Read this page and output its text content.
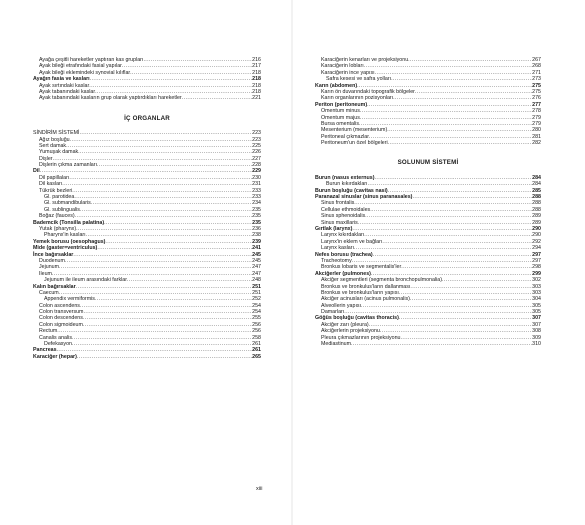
Ayağa çeşitli hareketler yaptıran kas grupları .....	216
Ayak bileği etrafındaki fasial yapılar .....	217
Ayak bileği eklemindeki synovial kılıflar .....	218
Ayağın fasia ve kasları .....	218
Ayak sırtındaki kaslar .....	218
Ayak tabanındaki kaslar .....	218
Ayak tabanındaki kasların grup olarak yaptırdıkları hareketler .....	221
İÇ ORGANLAR
SİNDİRİM SİSTEMİ .....	223
Ağız boşluğu .....	223
Sert damak .....	225
Yumuşak damak .....	226
Dişler .....	227
Dişlerin çıkma zamanları .....	228
Dil .....	229
Dil papillaları .....	230
Dil kasları .....	231
Tükrük bezleri .....	233
Gl. parotidea .....	233
Gl. submandibularis .....	234
Gl. sublingualis .....	235
Boğaz (fauces) .....	235
Bademcik (Tonsilla palatina) .....	235
Yutak (pharynx) .....	236
Pharynx'in kasları .....	238
Yemek borusu (oesophagus) .....	239
Mide (gaster=ventriculus) .....	241
İnce bağırsaklar .....	245
Duodenum .....	245
Jejunum .....	247
Ileum .....	247
Jejunum ile ileum arasındaki farklar .....	248
Kalın bağırsaklar .....	251
Caecum .....	251
Appendix vermiformis .....	252
Colon ascendens .....	254
Colon transversum .....	254
Colon descendens .....	255
Colon sigmoideum .....	256
Rectum .....	256
Canalis analis .....	258
Defekasyon .....	261
Pancreas .....	261
Karaciğer (hepar) .....	265
xiii
Karaciğerin kenarları ve projeksiyonu .....	267
Karaciğerin lobları .....	268
Karaciğerin ince yapısı .....	271
Safra kesesi ve safra yolları .....	273
Karın (abdomen) .....	275
Karın ön duvarındaki topografik bölgeler .....	275
Karın organlarının pozisyonları .....	276
Periton (peritoneum) .....	277
Omentum minus .....	278
Omentum majus .....	279
Bursa omentalis .....	279
Mesenterium (mesenterium) .....	280
Peritoneal çıkmazlar .....	281
Peritoneum'un özel bölgeleri .....	282
SOLUNUM SİSTEMİ
Burun (nasus externus) .....	284
Burun kıkırdakları .....	284
Burun boşluğu (cavitas nasi) .....	285
Paranazal sinuslar (sinus paranasales) .....	288
Sinus frontalis .....	288
Cellulae ethmoidales .....	288
Sinus sphenoidalis .....	289
Sinus maxillaris .....	289
Gırtlak (larynx) .....	290
Larynx kıkırdakları .....	290
Larynx'in eklem ve bağları .....	292
Larynx kasları .....	294
Nefes borusu (trachea) .....	297
Tracheotomy .....	297
Bronkus lobaris ve segmentalis'ler .....	298
Akciğerler (pulmones) .....	299
Akciğer segmentleri (segmenta bronchopulmonalia) .....	302
Bronkus ve bronkulus'ların dallanması .....	303
Bronkus ve bronkulus'ların yapısı .....	303
Akciğer acinusları (acinus pulmonalis) .....	304
Alveollerin yapısı .....	305
Damarları .....	305
Göğüs boşluğu (cavitas thoracis) .....	307
Akciğer zarı (pleura) .....	307
Akciğerlerin projeksiyonu .....	308
Pleura çıkmazlarının projeksiyonu .....	309
Mediastinum .....	310
